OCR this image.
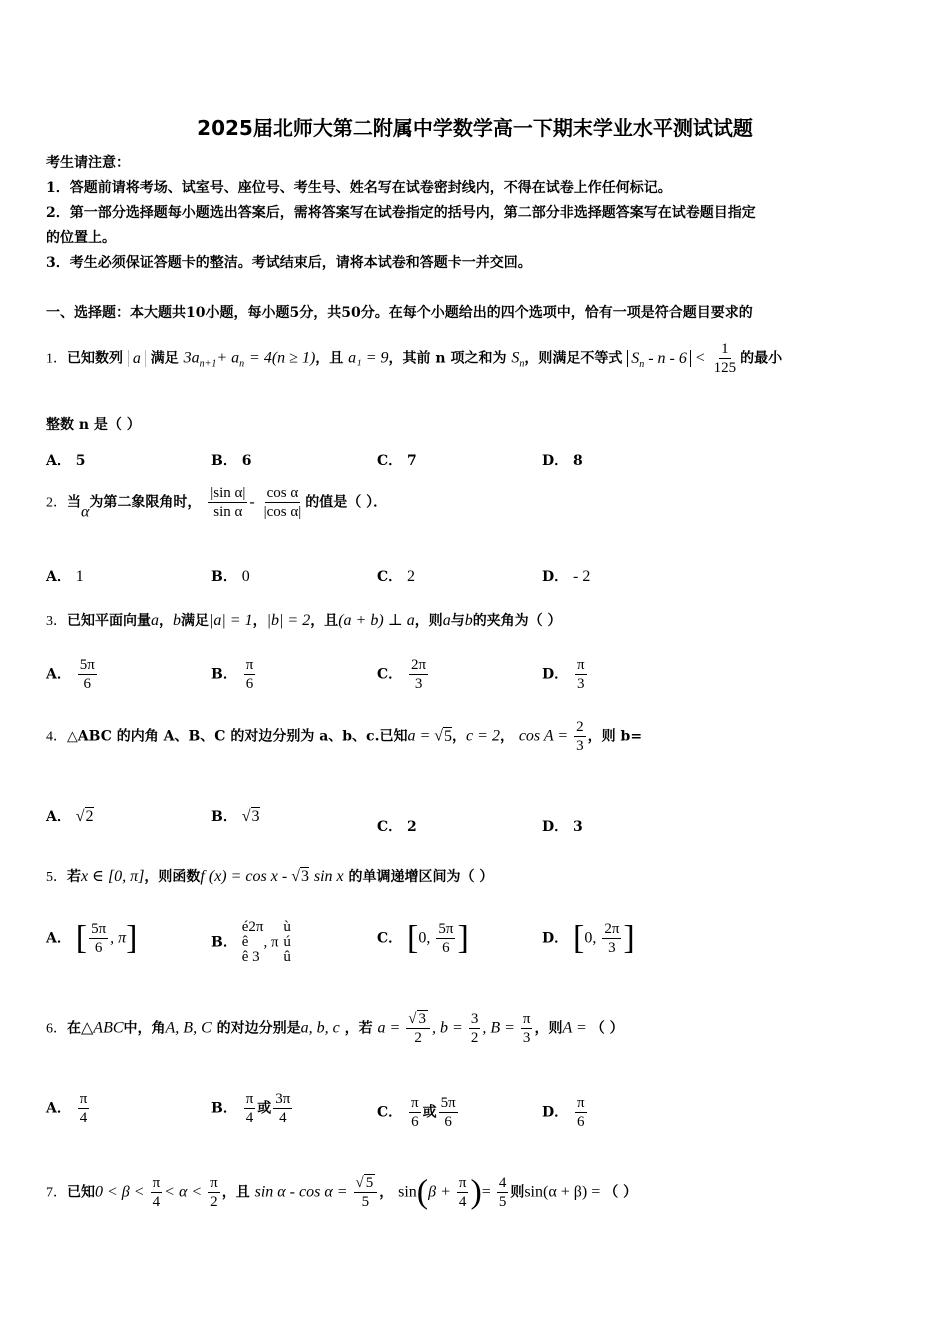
2025届北师大第二附属中学数学高一下期末学业水平测试试题
考生请注意：
1．答题前请将考场、试室号、座位号、考生号、姓名写在试卷密封线内，不得在试卷上作任何标记。
2．第一部分选择题每小题选出答案后，需将答案写在试卷指定的括号内，第二部分非选择题答案写在试卷题目指定
的位置上。
3．考生必须保证答题卡的整洁。考试结束后，请将本试卷和答题卡一并交回。
一、选择题：本大题共10小题，每小题5分，共50分。在每个小题给出的四个选项中，恰有一项是符合题目要求的
1．已知数列 a 满足 $3a_{n+1}+ a_n = 4(n \ge 1)$，且 a₁ = 9，其前 n 项之和为 $S_n$，则满足不等式 $S_n - n - 6 < \frac{1}{125}$ 的最小
整数 n 是（ ）
A． 5	B． 6	C． 7	D． 8
2．当α为第二象限角时， $\frac{\text{|sin α|}}{\text{sin α}} - \frac{\text{cos α}}{\text{|cos α|}}$ 的值是（ ）．
A． 1	B． 0	C． 2	D． - 2
3．已知平面向量a，b满足|a| = 1，|b| = 2，且(a + b) ⊥ a，则a与b的夹角为（ ）
A． $\frac{5\pi}{6}$	B． $\frac{\pi}{6}$	C． $\frac{2\pi}{3}$	D． $\frac{\pi}{3}$
4．△ABC 的内角 A、B、C 的对边分别为 a、b、c.已知a = √5，c = 2， $\cos A = \frac{2}{3}$ ，则 b=
A． √2	B． √3
C． 2	D． 3
5．若x ∈ [0, π]，则函数f (x) = cos x - √3 sin x 的单调递增区间为（ ）
A． [ $\frac{5\pi}{6}$ , π]	B．
é2π
ê
ê 3
, π
ù
ú
û
C． [0, $\frac{5\pi}{6}$ ]	D． [0, $\frac{2\pi}{3}$ ]
6．在△ABC中，角A, B, C 的对边分别是a, b, c ，若 $a = \frac{√ 3}{2}$ , $b = \frac{3}{2}$ , $B = \frac{\pi}{3}$ ，则A = （ ）
A． $\frac{\pi}{4}$	B． $\frac{\pi}{4}$ 或 $\frac{3\pi}{4}$	C． $\frac{\pi}{6}$ 或 $\frac{5\pi}{6}$	D． $\frac{\pi}{6}$
7．已知$0 < \beta < \frac{\pi}{4} < \alpha < \frac{\pi}{2}$ ，且 $\sin \alpha - \cos \alpha = \frac{√ 5}{5}$ ， $\sin(\beta + \frac{\pi}{4}$ )= $\frac{4}{5}$ 则sin(α + β) = （ ）
